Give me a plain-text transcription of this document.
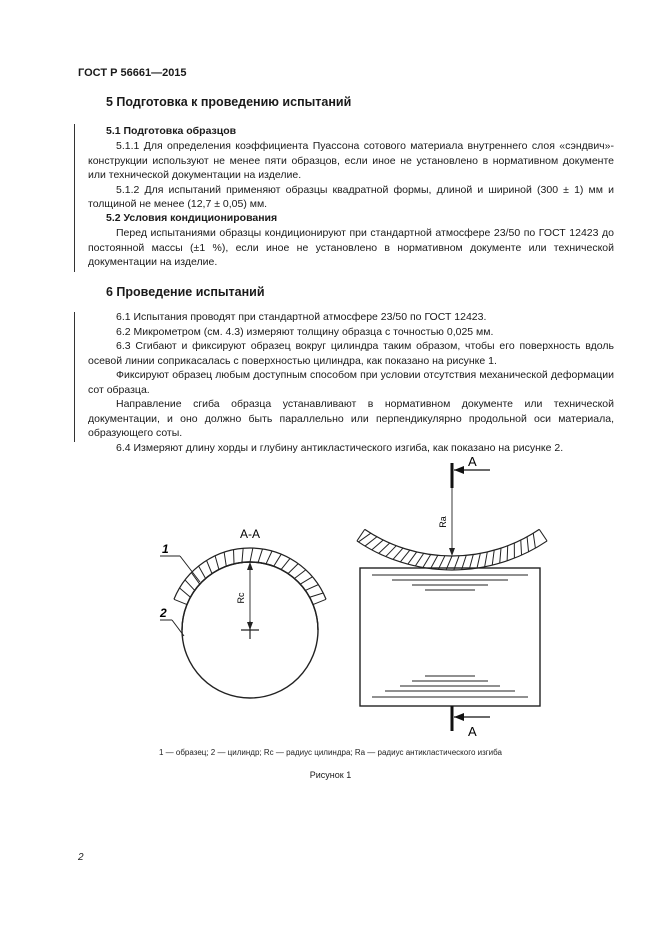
ГОСТ Р 56661—2015
5 Подготовка к проведению испытаний
5.1 Подготовка образцов

5.1.1 Для определения коэффициента Пуассона сотового материала внутреннего слоя «сэндвич»-конструкции используют не менее пяти образцов, если иное не установлено в нормативном документе или технической документации на изделие.

5.1.2 Для испытаний применяют образцы квадратной формы, длиной и шириной (300 ± 1) мм и толщиной не менее (12,7 ± 0,05) мм.

5.2 Условия кондиционирования

Перед испытаниями образцы кондиционируют при стандартной атмосфере 23/50 по ГОСТ 12423 до постоянной массы (±1 %), если иное не установлено в нормативном документе или технической документации на изделие.

6 Проведение испытаний

6.1 Испытания проводят при стандартной атмосфере 23/50 по ГОСТ 12423.

6.2 Микрометром (см. 4.3) измеряют толщину образца с точностью 0,025 мм.

6.3 Сгибают и фиксируют образец вокруг цилиндра таким образом, чтобы его поверхность вдоль осевой линии соприкасалась с поверхностью цилиндра, как показано на рисунке 1.

Фиксируют образец любым доступным способом при условии отсутствия механической деформации сот образца.

Направление сгиба образца устанавливают в нормативном документе или технической документации, и оно должно быть параллельно или перпендикулярно продольной оси материала, образующего соты.

6.4 Измеряют длину хорды и глубину антикластического изгиба, как показано на рисунке 2.

Rc
А-А
1
2
Ra
А
А
1 — образец; 2 — цилиндр; Rc — радиус цилиндра; Ra — радиус антикластического изгиба
Рисунок 1
2
